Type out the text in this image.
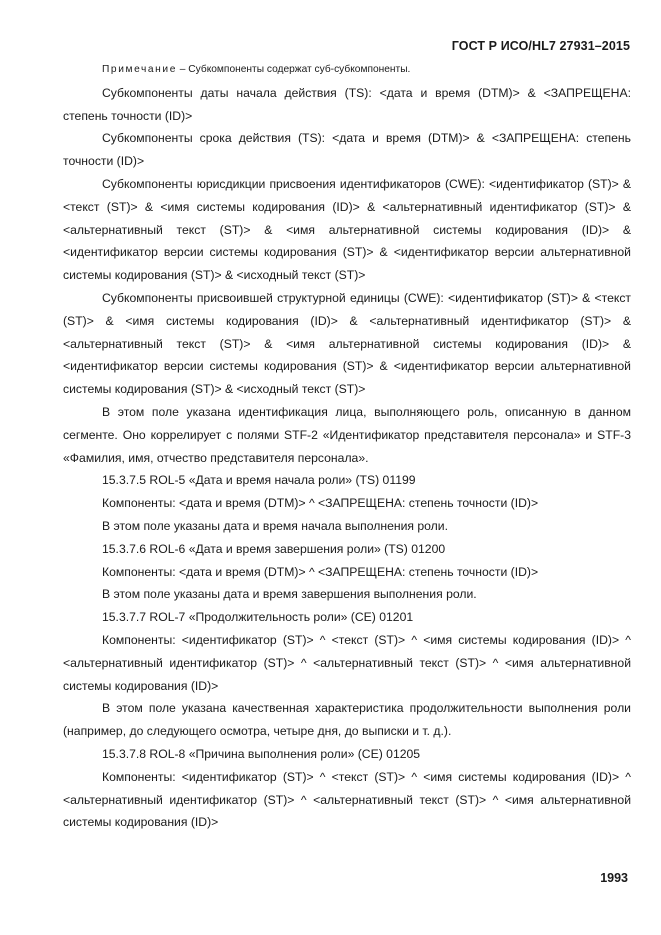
ГОСТ Р ИСО/HL7 27931–2015

Примечание – Субкомпоненты содержат суб-субкомпоненты.

Субкомпоненты даты начала действия (TS): <дата и время (DTM)> & <ЗАПРЕЩЕНА: степень точности (ID)>

Субкомпоненты срока действия (TS): <дата и время (DTM)> & <ЗАПРЕЩЕНА: степень точности (ID)>

Субкомпоненты юрисдикции присвоения идентификаторов (CWE): <идентификатор (ST)> & <текст (ST)> & <имя системы кодирования (ID)> & <альтернативный идентификатор (ST)> & <альтернативный текст (ST)> & <имя альтернативной системы кодирования (ID)> & <идентификатор версии системы кодирования (ST)> & <идентификатор версии альтернативной системы кодирования (ST)> & <исходный текст (ST)>

Субкомпоненты присвоившей структурной единицы (CWE): <идентификатор (ST)> & <текст (ST)> & <имя системы кодирования (ID)> & <альтернативный идентификатор (ST)> & <альтернативный текст (ST)> & <имя альтернативной системы кодирования (ID)> & <идентификатор версии системы кодирования (ST)> & <идентификатор версии альтернативной системы кодирования (ST)> & <исходный текст (ST)>

В этом поле указана идентификация лица, выполняющего роль, описанную в данном сегменте. Оно коррелирует с полями STF-2 «Идентификатор представителя персонала» и STF-3 «Фамилия, имя, отчество представителя персонала».

15.3.7.5 ROL-5 «Дата и время начала роли» (TS) 01199

Компоненты: <дата и время (DTM)> ^ <ЗАПРЕЩЕНА: степень точности (ID)>

В этом поле указаны дата и время начала выполнения роли.

15.3.7.6 ROL-6 «Дата и время завершения роли» (TS) 01200

Компоненты: <дата и время (DTM)> ^ <ЗАПРЕЩЕНА: степень точности (ID)>

В этом поле указаны дата и время завершения выполнения роли.

15.3.7.7 ROL-7 «Продолжительность роли» (CE) 01201

Компоненты: <идентификатор (ST)> ^ <текст (ST)> ^ <имя системы кодирования (ID)> ^ <альтернативный идентификатор (ST)> ^ <альтернативный текст (ST)> ^ <имя альтернативной системы кодирования (ID)>

В этом поле указана качественная характеристика продолжительности выполнения роли (например, до следующего осмотра, четыре дня, до выписки и т. д.).

15.3.7.8 ROL-8 «Причина выполнения роли» (CE) 01205

Компоненты: <идентификатор (ST)> ^ <текст (ST)> ^ <имя системы кодирования (ID)> ^ <альтернативный идентификатор (ST)> ^ <альтернативный текст (ST)> ^ <имя альтернативной системы кодирования (ID)>

1993
